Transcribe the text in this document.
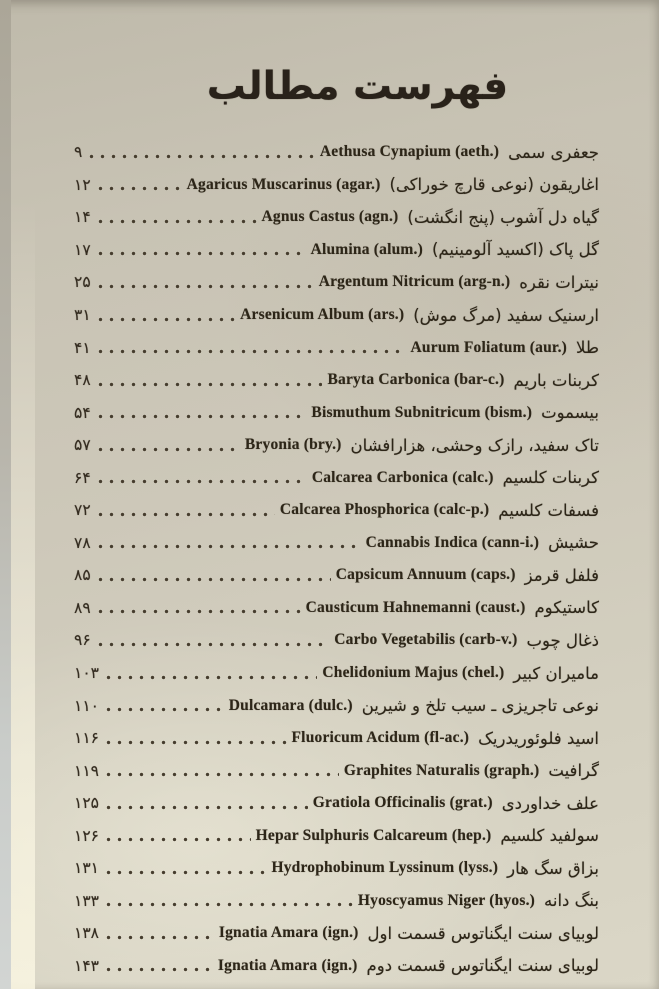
فهرست مطالب
۹	Aethusa Cynapium (aeth.) جعفری سمی
۱۲	Agaricus Muscarinus (agar.) اغاریقون (نوعی قارچ خوراکی)
۱۴	Agnus Castus (agn.) گیاه دل آشوب (پنج انگشت)
۱۷	Alumina (alum.) گل پاک (اکسید آلومینیم)
۲۵	Argentum Nitricum (arg-n.) نیترات نقره
۳۱	Arsenicum Album (ars.) ارسنیک سفید (مرگ موش)
۴۱	Aurum Foliatum (aur.) طلا
۴۸	Baryta Carbonica (bar-c.) کربنات باریم
۵۴	Bismuthum Subnitricum (bism.) بیسموت
۵۷	Bryonia (bry.) تاک سفید، رازک وحشی، هزارافشان
۶۴	Calcarea Carbonica (calc.) کربنات کلسیم
۷۲	Calcarea Phosphorica (calc-p.) فسفات کلسیم
۷۸	Cannabis Indica (cann-i.) حشیش
۸۵	Capsicum Annuum (caps.) فلفل قرمز
۸۹	Causticum Hahnemanni (caust.) کاستیکوم
۹۶	Carbo Vegetabilis (carb-v.) ذغال چوب
۱۰۳	Chelidonium Majus (chel.) مامیران کبیر
۱۱۰	Dulcamara (dulc.) نوعی تاجریزی ـ سیب تلخ و شیرین
۱۱۶	Fluoricum Acidum (fl-ac.) اسید فلوئوریدریک
۱۱۹	Graphites Naturalis (graph.) گرافیت
۱۲۵	Gratiola Officinalis (grat.) علف خداوردی
۱۲۶	Hepar Sulphuris Calcareum (hep.) سولفید کلسیم
۱۳۱	Hydrophobinum Lyssinum (lyss.) بزاق سگ هار
۱۳۳	Hyoscyamus Niger (hyos.) بنگ دانه
۱۳۸	Ignatia Amara (ign.) لوبیای سنت ایگناتوس قسمت اول
۱۴۳	Ignatia Amara (ign.) لوبیای سنت ایگناتوس قسمت دوم
